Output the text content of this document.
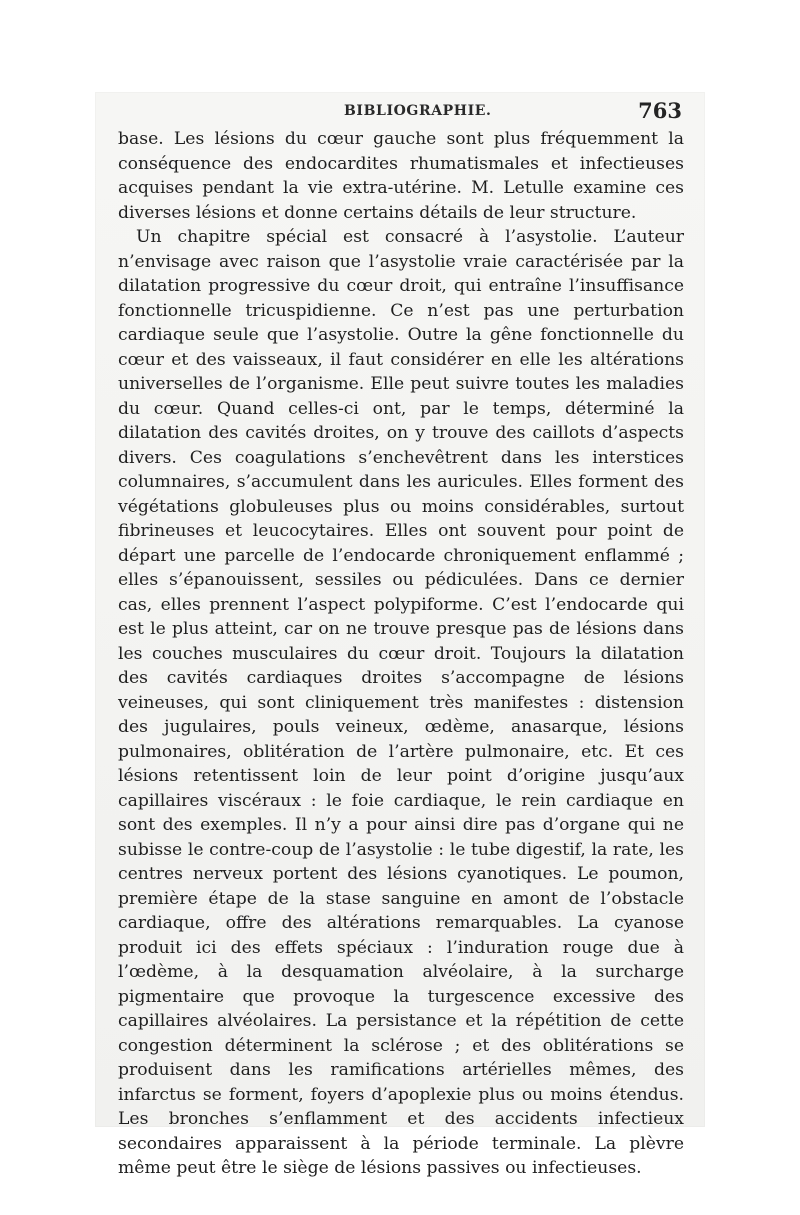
BIBLIOGRAPHIE.	763

base. Les lésions du cœur gauche sont plus fréquemment la conséquence des endocardites rhumatismales et infectieuses acquises pendant la vie extra-utérine. M. Letulle examine ces diverses lésions et donne certains détails de leur structure.

Un chapitre spécial est consacré à l’asystolie. L’auteur n’envisage avec raison que l’asystolie vraie caractérisée par la dilatation progressive du cœur droit, qui entraîne l’insuffisance fonctionnelle tricuspidienne. Ce n’est pas une perturbation cardiaque seule que l’asystolie. Outre la gêne fonctionnelle du cœur et des vaisseaux, il faut considérer en elle les altérations universelles de l’organisme. Elle peut suivre toutes les maladies du cœur. Quand celles-ci ont, par le temps, déterminé la dilatation des cavités droites, on y trouve des caillots d’aspects divers. Ces coagulations s’enchevêtrent dans les interstices columnaires, s’accumulent dans les auricules. Elles forment des végétations globuleuses plus ou moins considérables, surtout fibrineuses et leucocytaires. Elles ont souvent pour point de départ une parcelle de l’endocarde chroniquement enflammé ; elles s’épanouissent, sessiles ou pédiculées. Dans ce dernier cas, elles prennent l’aspect polypiforme. C’est l’endocarde qui est le plus atteint, car on ne trouve presque pas de lésions dans les couches musculaires du cœur droit. Toujours la dilatation des cavités cardiaques droites s’accompagne de lésions veineuses, qui sont cliniquement très manifestes : distension des jugulaires, pouls veineux, œdème, anasarque, lésions pulmonaires, oblitération de l’artère pulmonaire, etc. Et ces lésions retentissent loin de leur point d’origine jusqu’aux capillaires viscéraux : le foie cardiaque, le rein cardiaque en sont des exemples. Il n’y a pour ainsi dire pas d’organe qui ne subisse le contre-coup de l’asystolie : le tube digestif, la rate, les centres nerveux portent des lésions cyanotiques. Le poumon, première étape de la stase sanguine en amont de l’obstacle cardiaque, offre des altérations remarquables. La cyanose produit ici des effets spéciaux : l’induration rouge due à l’œdème, à la desquamation alvéolaire, à la surcharge pigmentaire que provoque la turgescence excessive des capillaires alvéolaires. La persistance et la répétition de cette congestion déterminent la sclérose ; et des oblitérations se produisent dans les ramifications artérielles mêmes, des infarctus se forment, foyers d’apoplexie plus ou moins étendus. Les bronches s’enflamment et des accidents infectieux secondaires apparaissent à la période terminale. La plèvre même peut être le siège de lésions passives ou infectieuses.
